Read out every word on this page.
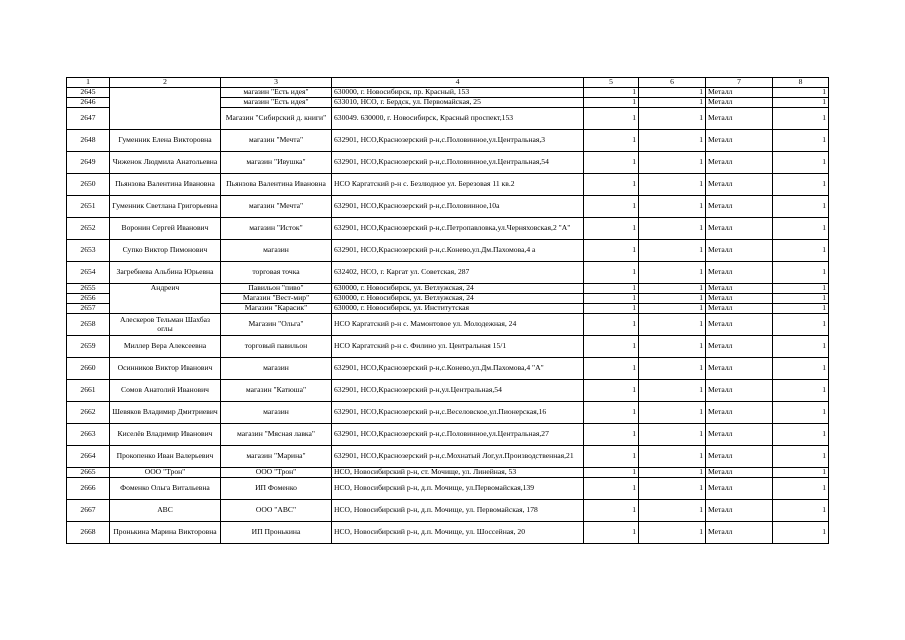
1	2	3	4	5	6	7	8
2645		магазин "Есть идея"	630000, г. Новосибирск, пр. Красный, 153	1	1	Металл	1
2646		магазин "Есть идея"	633010, НСО, г. Бердск, ул. Первомайская, 25	1	1	Металл	1
2647		Магазин "Сибирский д. книги"	630049. 630000, г. Новосибирск, Красный проспект,153	1	1	Металл	1
2648	Гуменник Елена Викторовна	магазин "Мечта"	632901, НСО,Краснозерский р-н,с.Половинное,ул.Центральная,3	1	1	Металл	1
2649	Чиженок Людмила Анатольевна	магазин "Ивушка"	632901, НСО,Краснозерский р-н,с.Половинное,ул.Центральная,54	1	1	Металл	1
2650	Пьянзова Валентина Ивановна	Пьянзова Валентина Ивановна	НСО Каргатский р-н с. Безлюдное ул. Березовая 11 кв.2	1	1	Металл	1
2651	Гуменник Светлана Григорьевна	магазин "Мечта"	632901, НСО,Краснозерский р-н,с.Половинное,10а	1	1	Металл	1
2652	Воронин Сергей Иванович	магазин "Исток"	632901, НСО,Краснозерский р-н,с.Петропавловка,ул.Черняховская,2 "А"	1	1	Металл	1
2653	Супко Виктор Пимонович	магазин	632901, НСО,Краснозерский р-н,с.Конево,ул.Дм.Пахомова,4 а	1	1	Металл	1
2654	Загребнева Альбина Юрьевна	торговая точка	632402, НСО, г. Каргат ул. Советская, 287	1	1	Металл	1
2655	Андреич	Павильон "пиво"	630000, г. Новосибирск, ул. Ветлужская, 24	1	1	Металл	1
2656		Магазин "Вест-мир"	630000, г. Новосибирск, ул. Ветлужская, 24	1	1	Металл	1
2657		Магазин "Карасик"	630000, г. Новосибирск, ул. Институтская	1	1	Металл	1
2658	Алескеров Тельман Шахбаз оглы	Магазин "Ольга"	НСО Каргатский р-н с. Мамонтовое ул. Молодежная, 24	1	1	Металл	1
2659	Миллер Вера Алексеевна	торговый павильон	НСО Каргатский р-н с. Филино ул. Центральная 15/1	1	1	Металл	1
2660	Осинников Виктор Иванович	магазин	632901, НСО,Краснозерский р-н,с.Конево,ул.Дм.Пахомова,4 "А"	1	1	Металл	1
2661	Сомов Анатолий Иванович	магазин "Катюша"	632901, НСО,Краснозерский р-н,ул.Центральная,54	1	1	Металл	1
2662	Шевяков Владимир Дмитриевич	магазин	632901, НСО,Краснозерский р-н,с.Веселовское,ул.Пионерская,16	1	1	Металл	1
2663	Киселёв Владимир Иванович	магазин "Мясная лавка"	632901, НСО,Краснозерский р-н,с.Половинное,ул.Центральная,27	1	1	Металл	1
2664	Прокопенко Иван Валерьевич	магазин "Марина"	632901, НСО,Краснозерский р-н,с.Мохнатый Лог,ул.Производственная,21	1	1	Металл	1
2665	ООО "Трон"	ООО "Трон"	НСО, Новосибирский р-н, ст. Мочище, ул. Линейная, 53	1	1	Металл	1
2666	Фоменко Ольга Витальевна	ИП Фоменко	НСО, Новосибирский р-н, д.п. Мочище, ул.Первомайская,139	1	1	Металл	1
2667	АВС	ООО "АВС"	НСО, Новосибирский р-н, д.п. Мочище, ул. Первомайская, 178	1	1	Металл	1
2668	Пронькина Марина Викторовна	ИП Пронькина	НСО, Новосибирский р-н, д.п. Мочище, ул. Шоссейная, 20	1	1	Металл	1
